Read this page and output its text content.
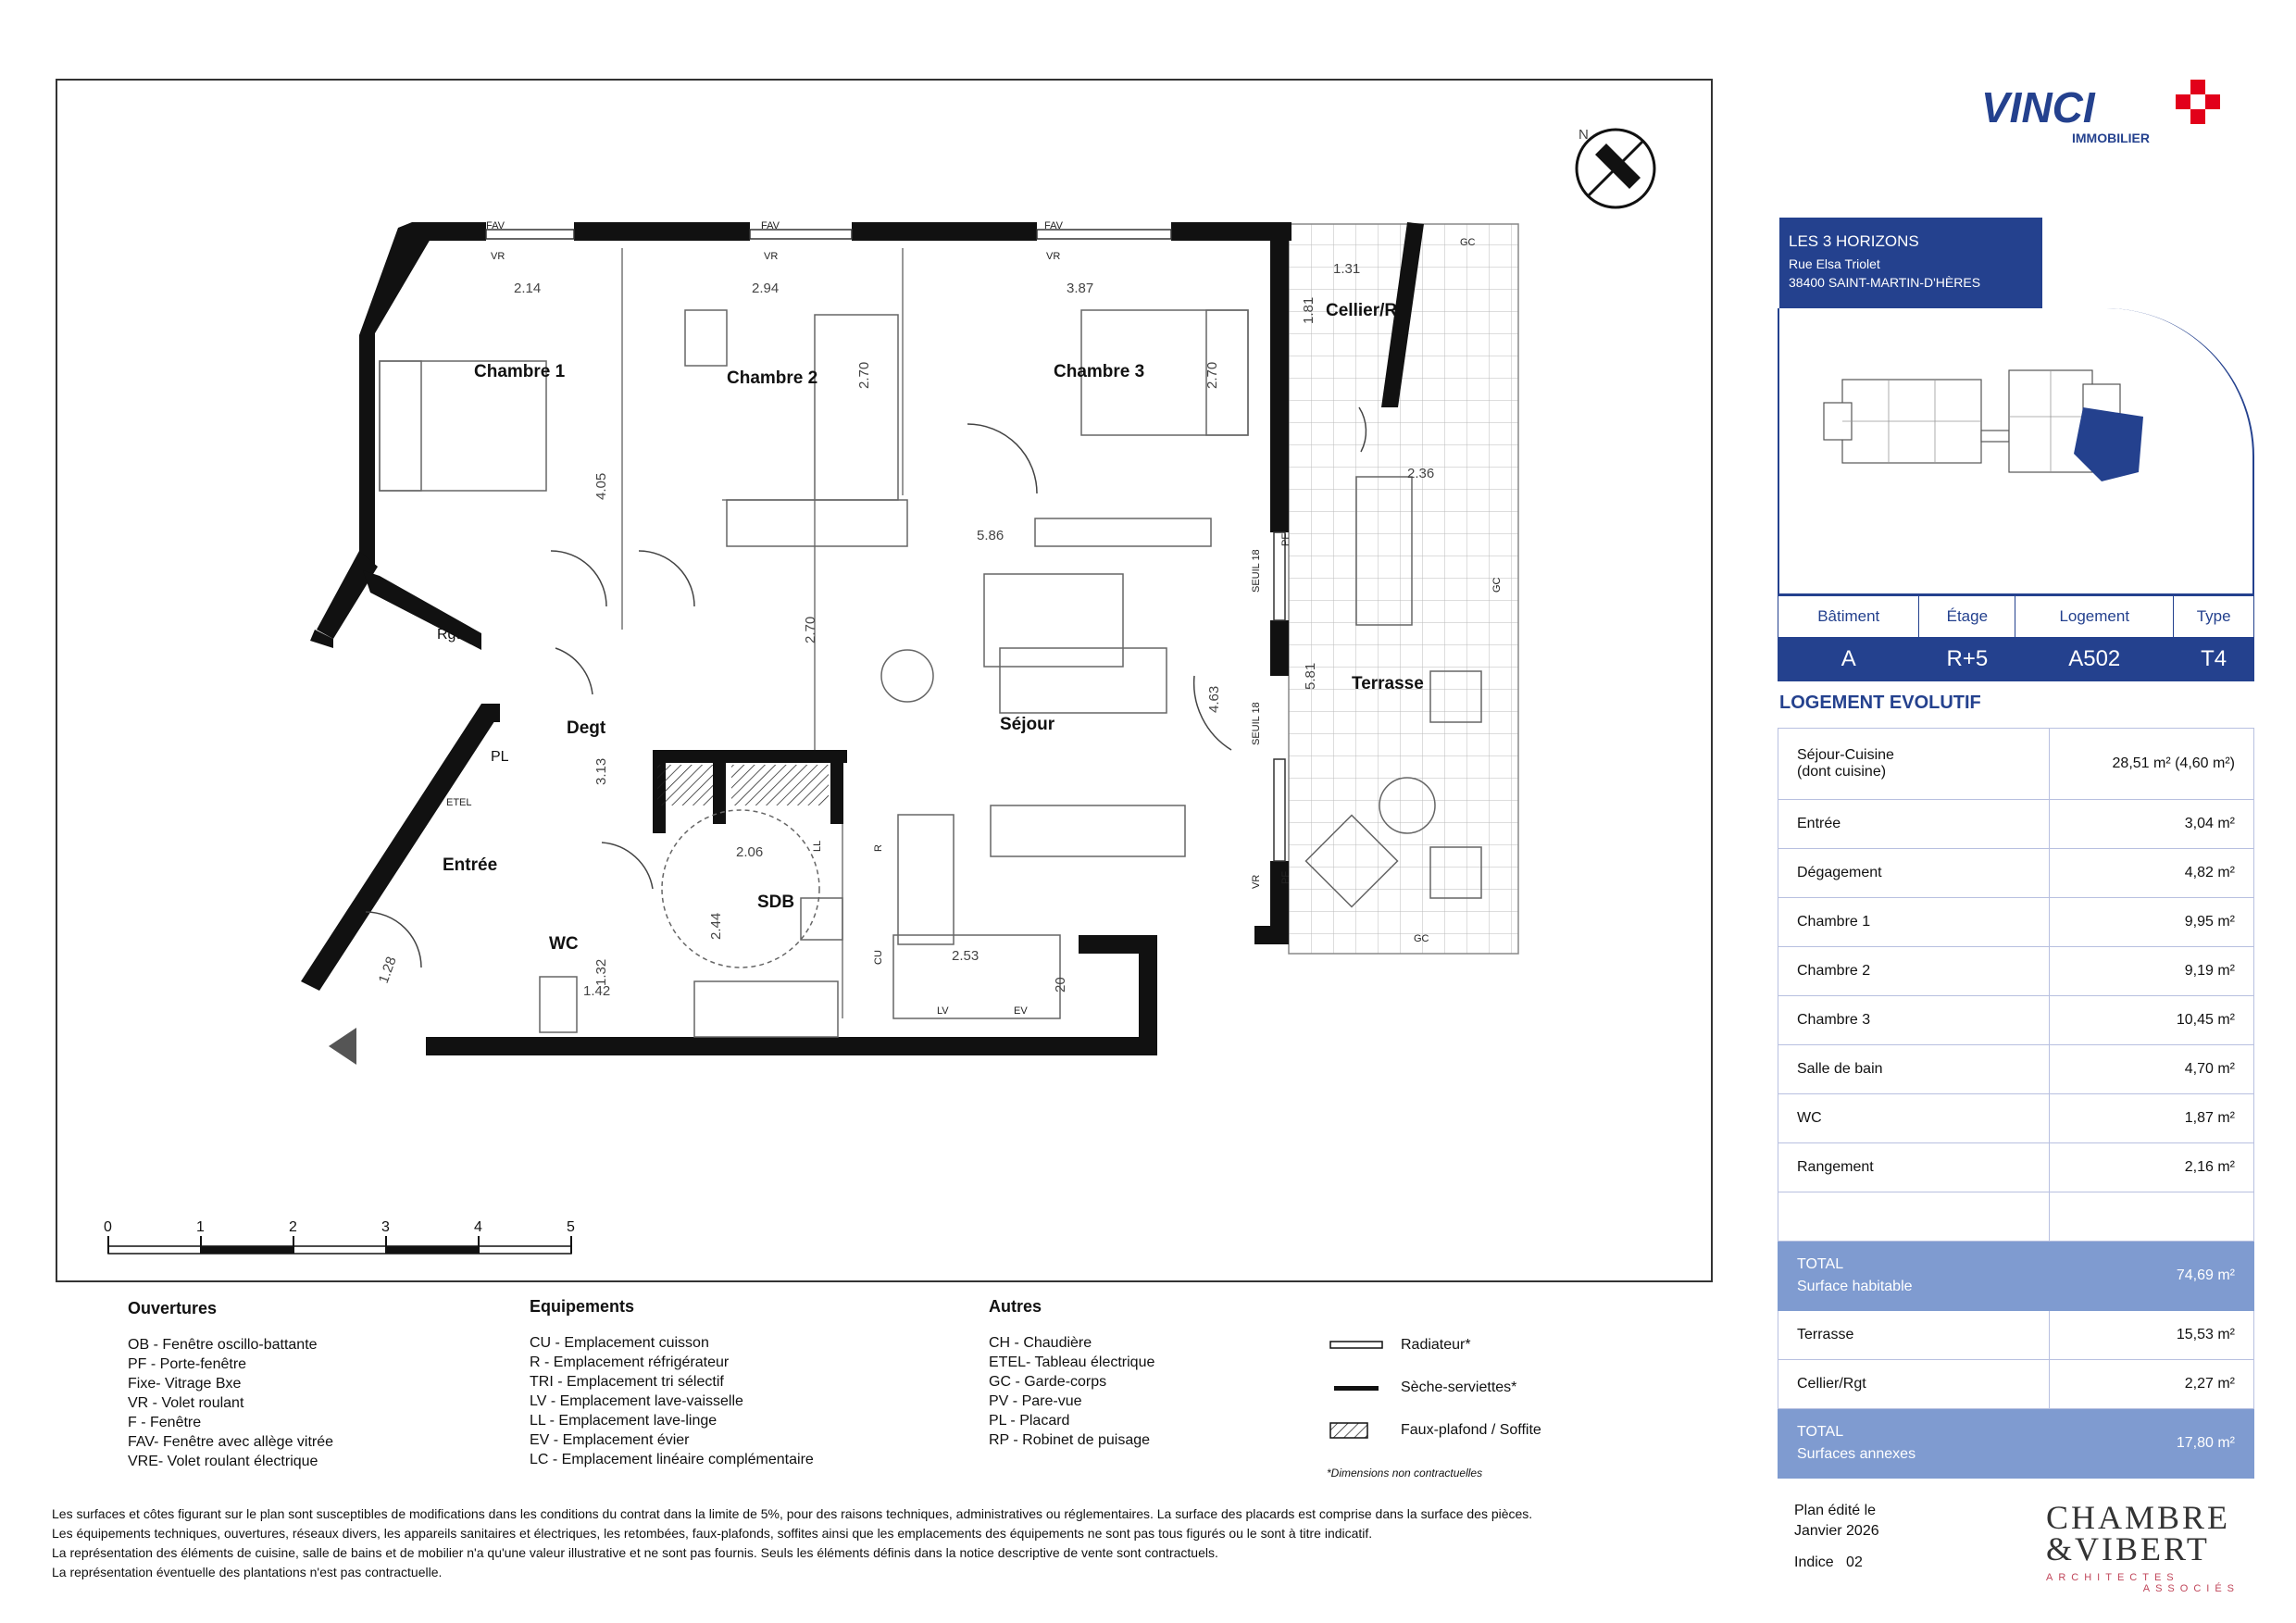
Chambre 1	Chambre 2	Chambre 3
Cellier/R
Rgt
Degt	Séjour
Terrasse
PL
ETEL
Entrée
SDB
WC
FAV
VR
FAV
VR
FAV
VR
GC
GC
GC
PF
PF
SEUIL 18
SEUIL 18
VR
LL	R
CU
LV	EV
2.14	2.94	3.87
1.31
2.36
5.86
2.06
2.53
1.42
1.81
4.05
2.70	2.70
2.70
4.63
5.81
3.13
2.44
1.32	20
1.28
N
0	1	2	3	4	5
VINCI
IMMOBILIER
LES 3 HORIZONS
Rue Elsa Triolet
38400 SAINT-MARTIN-D'HÈRES
Bâtiment	Étage	Logement	Type
A	R+5	A502	T4
LOGEMENT EVOLUTIF
Séjour-Cuisine
(dont cuisine)	28,51 m² (4,60 m²)
Entrée	3,04 m²
Dégagement	4,82 m²
Chambre 1	9,95 m²
Chambre 2	9,19 m²
Chambre 3	10,45 m²
Salle de bain	4,70 m²
WC	1,87 m²
Rangement	2,16 m²

TOTAL
Surface habitable	74,69 m²
Terrasse	15,53 m²
Cellier/Rgt	2,27 m²
TOTAL
Surfaces annexes	17,80 m²
Ouvertures
OB - Fenêtre oscillo-battante
PF - Porte-fenêtre
Fixe- Vitrage Bxe
VR - Volet roulant
F - Fenêtre
FAV- Fenêtre avec allège vitrée
VRE- Volet roulant électrique
Equipements
CU - Emplacement cuisson
R - Emplacement réfrigérateur
TRI - Emplacement tri sélectif
LV - Emplacement lave-vaisselle
LL - Emplacement lave-linge
EV - Emplacement évier
LC - Emplacement linéaire complémentaire
Autres
CH - Chaudière
ETEL- Tableau électrique
GC - Garde-corps
PV - Pare-vue
PL - Placard
RP - Robinet de puisage
Radiateur*
Sèche-serviettes*
Faux-plafond / Soffite
*Dimensions non contractuelles
Les surfaces et côtes figurant sur le plan sont susceptibles de modifications dans les conditions du contrat dans la limite de 5%, pour des raisons techniques, administratives ou réglementaires. La surface des placards est comprise dans la surface des pièces.
Les équipements techniques, ouvertures, réseaux divers, les appareils sanitaires et électriques, les retombées, faux-plafonds, soffites ainsi que les emplacements des équipements ne sont pas tous figurés ou le sont à titre indicatif.
La représentation des éléments de cuisine, salle de bains et de mobilier n'a qu'une valeur illustrative et ne sont pas fournis. Seuls les éléments définis dans la notice descriptive de vente sont contractuels.
La représentation éventuelle des plantations n'est pas contractuelle.
Plan édité le
Janvier 2026
Indice 02
CHAMBRE
&VIBERT
ARCHITECTES
ASSOCIÉS
